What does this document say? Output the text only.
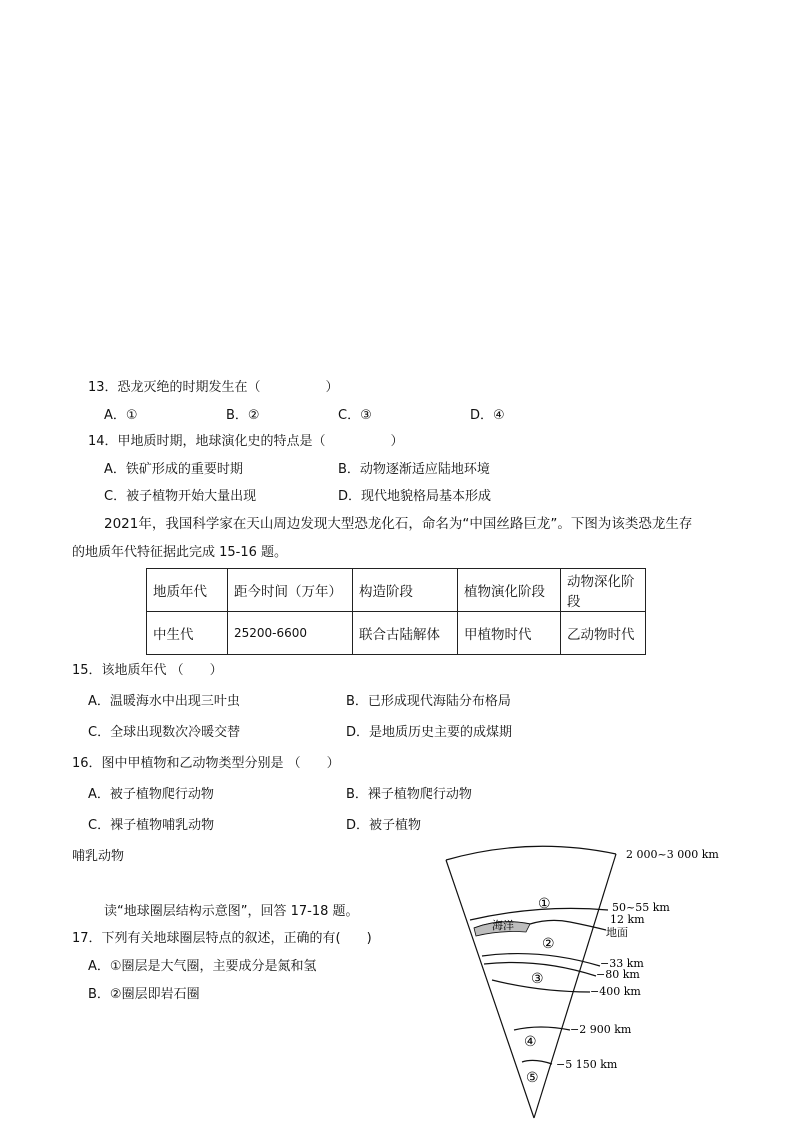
13．恐龙灭绝的时期发生在（　　　　　）
A．①	B．②	C．③	D．④
14．甲地质时期，地球演化史的特点是（　　　　　）
A．铁矿形成的重要时期	B．动物逐渐适应陆地环境
C．被子植物开始大量出现	D．现代地貌格局基本形成
2021年，我国科学家在天山周边发现大型恐龙化石，命名为“中国丝路巨龙”。下图为该类恐龙生存
的地质年代特征据此完成 15-16 题。
地质年代	距今时间（万年）	构造阶段	植物演化阶段	动物深化阶段
中生代	25200-6600	联合古陆解体	甲植物时代	乙动物时代
15．该地质年代 （　　）
A．温暖海水中出现三叶虫	B．已形成现代海陆分布格局
C．全球出现数次冷暖交替	D．是地质历史主要的成煤期
16．图中甲植物和乙动物类型分别是 （　　）
A．被子植物爬行动物	B．裸子植物爬行动物
C．裸子植物哺乳动物	D．被子植物
哺乳动物
读“地球圈层结构示意图”，回答 17-18 题。
17．下列有关地球圈层特点的叙述，正确的有(　　)
A．①圈层是大气圈，主要成分是氮和氢
B．②圈层即岩石圈
海洋
①
②
③
④
⑤
2 000~3 000 km
50~55 km
12 km
地面
−33 km
−80 km
−400 km
−2 900 km
−5 150 km
